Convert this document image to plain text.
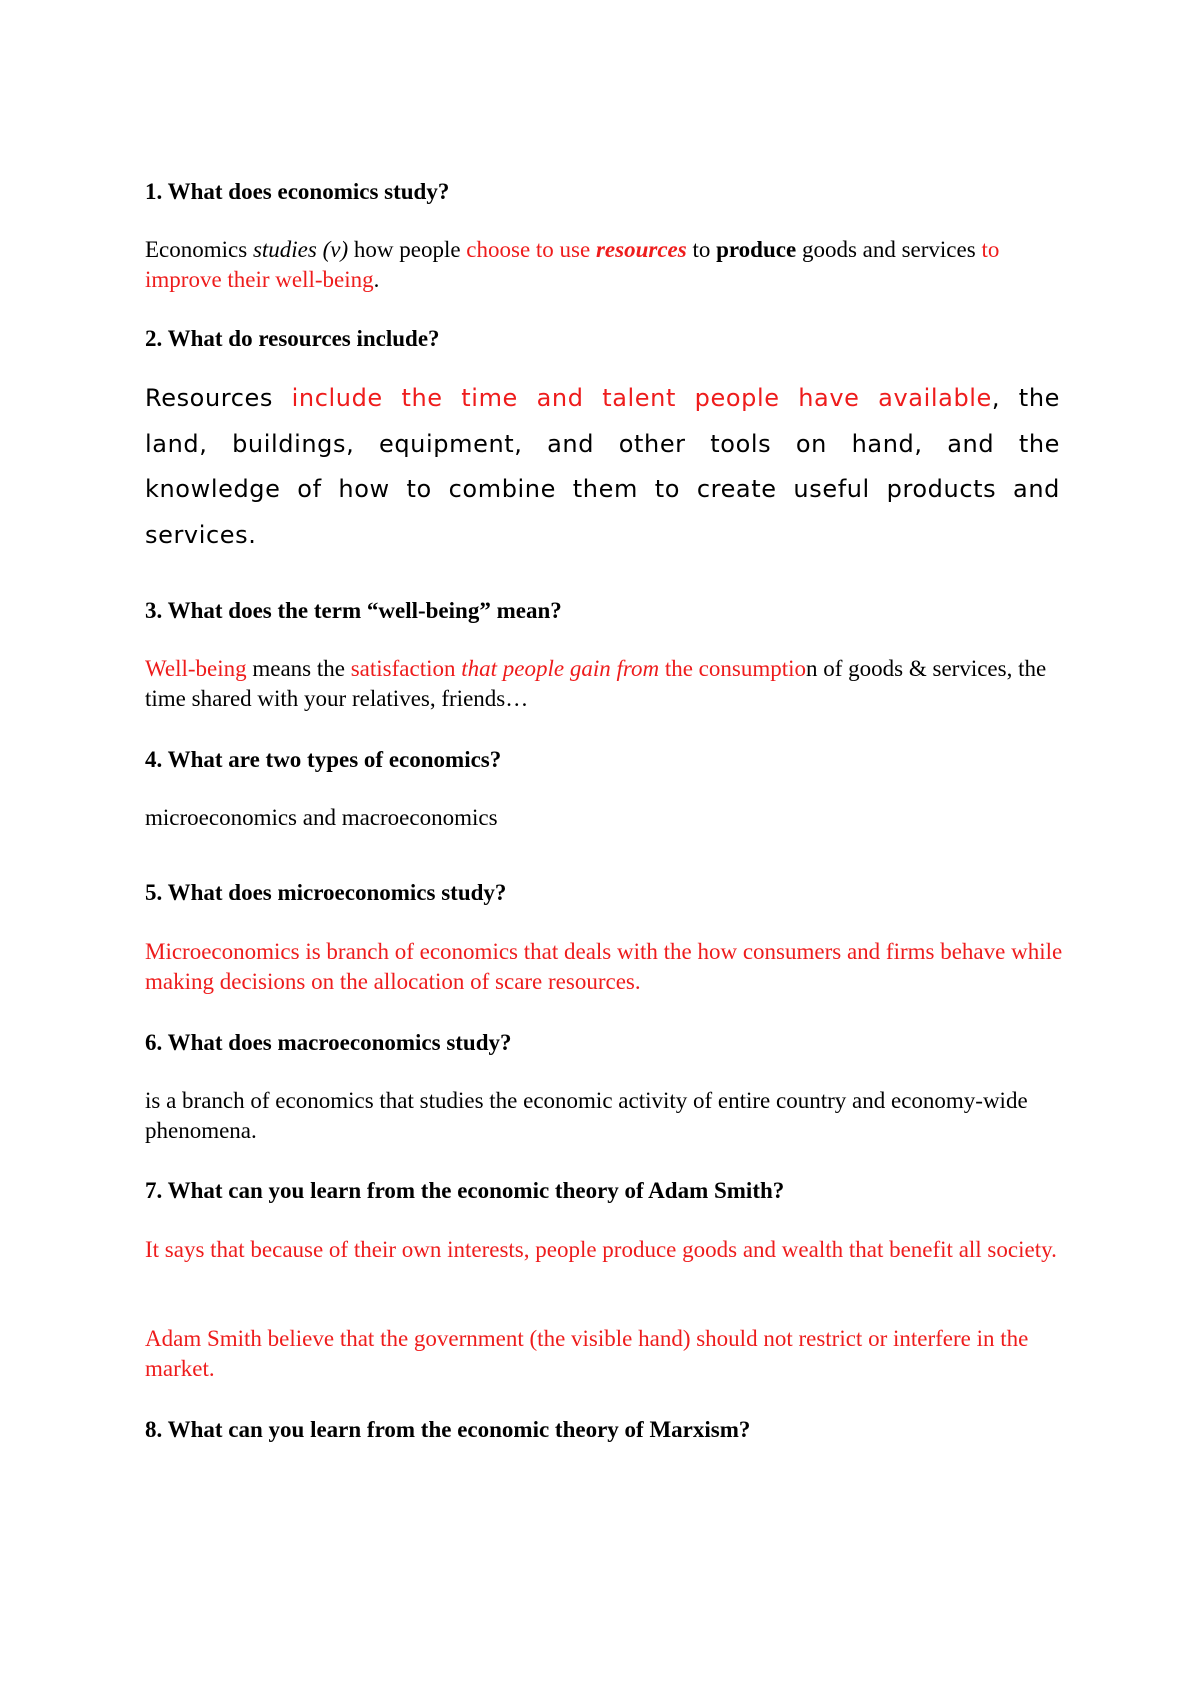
1. What does economics study?

Economics studies (v) how people choose to use resources to produce goods and services to improve their well-being.

2. What do resources include?

Resources include the time and talent people have available, the land, buildings, equipment, and other tools on hand, and the knowledge of how to combine them to create useful products and services.

3. What does the term “well-being” mean?

Well-being means the satisfaction that people gain from the consumption of goods & services, the time shared with your relatives, friends…

4. What are two types of economics?

microeconomics and macroeconomics

5. What does microeconomics study?

Microeconomics is branch of economics that deals with the how consumers and firms behave while making decisions on the allocation of scare resources.

6. What does macroeconomics study?

is a branch of economics that studies the economic activity of entire country and economy-wide phenomena.

7. What can you learn from the economic theory of Adam Smith?

It says that because of their own interests, people produce goods and wealth that benefit all society.

Adam Smith believe that the government (the visible hand) should not restrict or interfere in the market.

8. What can you learn from the economic theory of Marxism?
